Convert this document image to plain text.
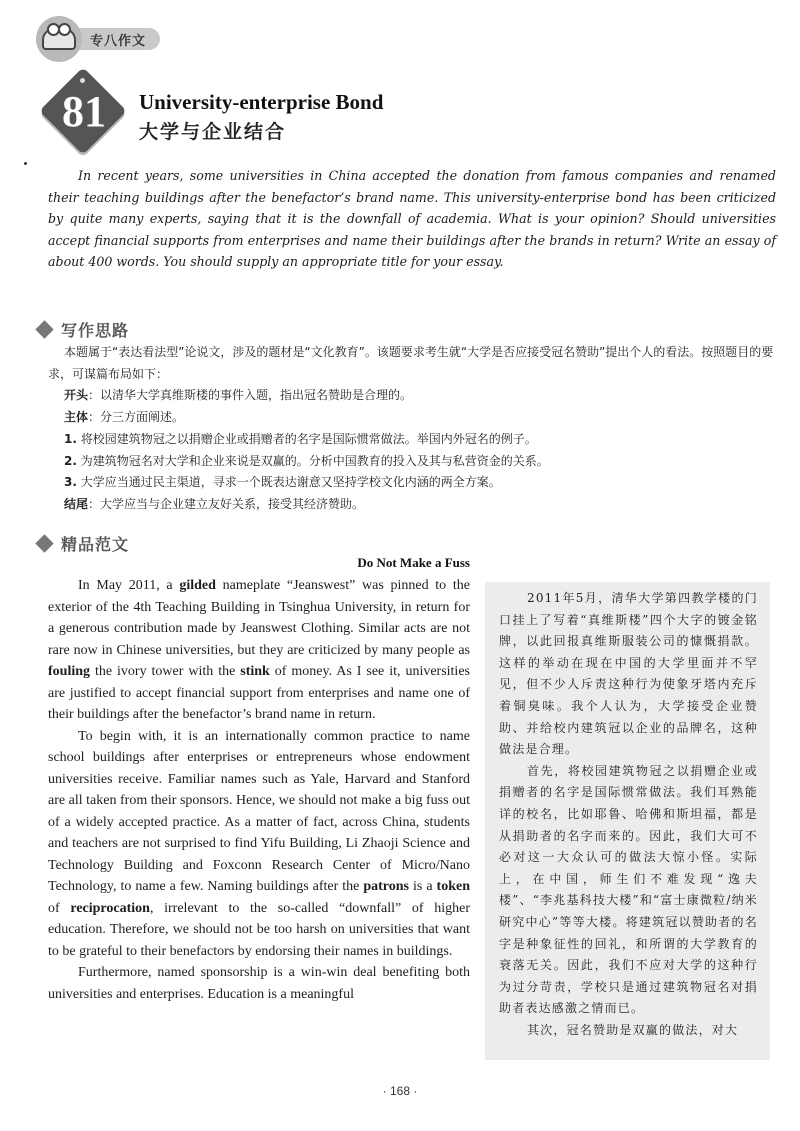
专八作文
81	University-enterprise Bond
大学与企业结合

In recent years, some universities in China accepted the donation from famous companies and renamed their teaching buildings after the benefactor’s brand name. This university-enterprise bond has been criticized by quite many experts, saying that it is the downfall of academia. What is your opinion? Should universities accept financial supports from enterprises and name their buildings after the brands in return? Write an essay of about 400 words. You should supply an appropriate title for your essay.

写作思路
本题属于“表达看法型”论说文，涉及的题材是“文化教育”。该题要求考生就“大学是否应接受冠名赞助”提出个人的看法。按照题目的要求，可谋篇布局如下：
开头：以清华大学真维斯楼的事件入题，指出冠名赞助是合理的。
主体：分三方面阐述。
1. 将校园建筑物冠之以捐赠企业或捐赠者的名字是国际惯常做法。举国内外冠名的例子。
2. 为建筑物冠名对大学和企业来说是双赢的。分析中国教育的投入及其与私营资金的关系。
3. 大学应当通过民主渠道，寻求一个既表达谢意又坚持学校文化内涵的两全方案。
结尾：大学应当与企业建立友好关系，接受其经济赞助。
精品范文
Do Not Make a Fuss

In May 2011, a gilded nameplate “Jeanswest” was pinned to the exterior of the 4th Teaching Building in Tsinghua University, in return for a generous contribution made by Jeanswest Clothing. Similar acts are not rare now in Chinese universities, but they are criticized by many people as fouling the ivory tower with the stink of money. As I see it, universities are justified to accept financial support from enterprises and name one of their buildings after the benefactor’s brand name in return.

To begin with, it is an internationally common practice to name school buildings after enterprises or entrepreneurs whose endowment universities receive. Familiar names such as Yale, Harvard and Stanford are all taken from their sponsors. Hence, we should not make a big fuss out of a widely accepted practice. As a matter of fact, across China, students and teachers are not surprised to find Yifu Building, Li Zhaoji Science and Technology Building and Foxconn Research Center of Micro/Nano Technology, to name a few. Naming buildings after the patrons is a token of reciprocation, irrelevant to the so-called “downfall” of higher education. Therefore, we should not be too harsh on universities that want to be grateful to their benefactors by endorsing their names in buildings.

Furthermore, named sponsorship is a win-win deal benefiting both universities and enterprises. Education is a meaningful

2011年5月，清华大学第四教学楼的门口挂上了写着“真维斯楼”四个大字的镀金铭牌，以此回报真维斯服装公司的慷慨捐款。这样的举动在现在中国的大学里面并不罕见，但不少人斥责这种行为使象牙塔内充斥着铜臭味。我个人认为，大学接受企业赞助、并给校内建筑冠以企业的品牌名，这种做法是合理。

首先，将校园建筑物冠之以捐赠企业或捐赠者的名字是国际惯常做法。我们耳熟能详的校名，比如耶鲁、哈佛和斯坦福，都是从捐助者的名字而来的。因此，我们大可不必对这一大众认可的做法大惊小怪。实际上，在中国，师生们不难发现“逸夫楼”、“李兆基科技大楼”和“富士康微粒/纳米研究中心”等等大楼。将建筑冠以赞助者的名字是种象征性的回礼，和所谓的大学教育的衰落无关。因此，我们不应对大学的这种行为过分苛责，学校只是通过建筑物冠名对捐助者表达感激之情而已。

其次，冠名赞助是双赢的做法，对大

· 168 ·
